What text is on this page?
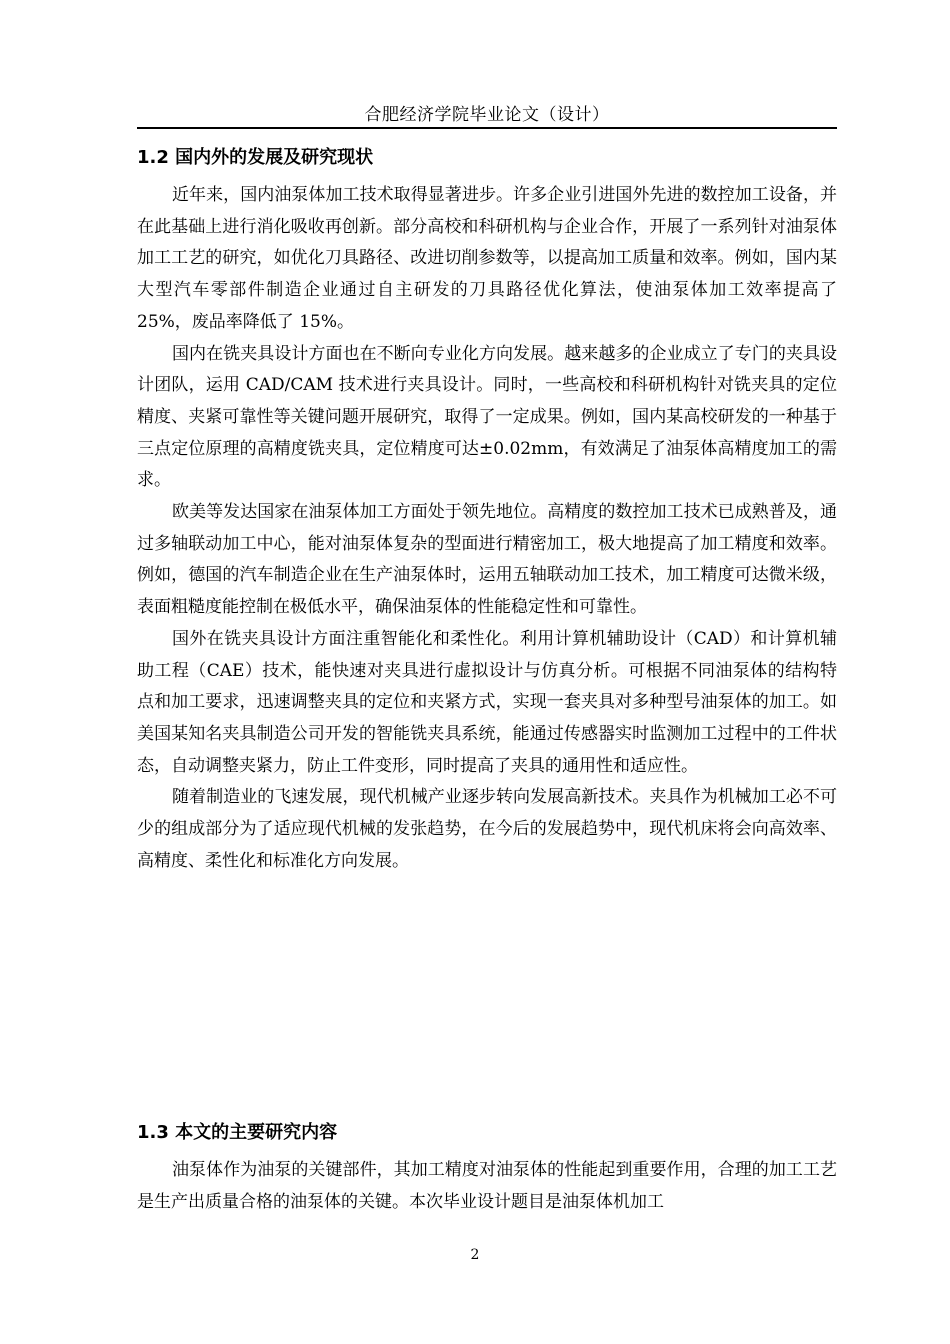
合肥经济学院毕业论文（设计）
1.2 国内外的发展及研究现状

近年来，国内油泵体加工技术取得显著进步。许多企业引进国外先进的数控加工设备，并在此基础上进行消化吸收再创新。部分高校和科研机构与企业合作，开展了一系列针对油泵体加工工艺的研究，如优化刀具路径、改进切削参数等，以提高加工质量和效率。例如，国内某大型汽车零部件制造企业通过自主研发的刀具路径优化算法，使油泵体加工效率提高了 25%，废品率降低了 15%。

国内在铣夹具设计方面也在不断向专业化方向发展。越来越多的企业成立了专门的夹具设计团队，运用 CAD/CAM 技术进行夹具设计。同时，一些高校和科研机构针对铣夹具的定位精度、夹紧可靠性等关键问题开展研究，取得了一定成果。例如，国内某高校研发的一种基于三点定位原理的高精度铣夹具，定位精度可达±0.02mm，有效满足了油泵体高精度加工的需求。

欧美等发达国家在油泵体加工方面处于领先地位。高精度的数控加工技术已成熟普及，通过多轴联动加工中心，能对油泵体复杂的型面进行精密加工，极大地提高了加工精度和效率。例如，德国的汽车制造企业在生产油泵体时，运用五轴联动加工技术，加工精度可达微米级，表面粗糙度能控制在极低水平，确保油泵体的性能稳定性和可靠性。

国外在铣夹具设计方面注重智能化和柔性化。利用计算机辅助设计（CAD）和计算机辅助工程（CAE）技术，能快速对夹具进行虚拟设计与仿真分析。可根据不同油泵体的结构特点和加工要求，迅速调整夹具的定位和夹紧方式，实现一套夹具对多种型号油泵体的加工。如美国某知名夹具制造公司开发的智能铣夹具系统，能通过传感器实时监测加工过程中的工件状态，自动调整夹紧力，防止工件变形，同时提高了夹具的通用性和适应性。

随着制造业的飞速发展，现代机械产业逐步转向发展高新技术。夹具作为机械加工必不可少的组成部分为了适应现代机械的发张趋势，在今后的发展趋势中，现代机床将会向高效率、高精度、柔性化和标准化方向发展。

1.3 本文的主要研究内容

油泵体作为油泵的关键部件，其加工精度对油泵体的性能起到重要作用，合理的加工工艺是生产出质量合格的油泵体的关键。本次毕业设计题目是油泵体机加工

2
